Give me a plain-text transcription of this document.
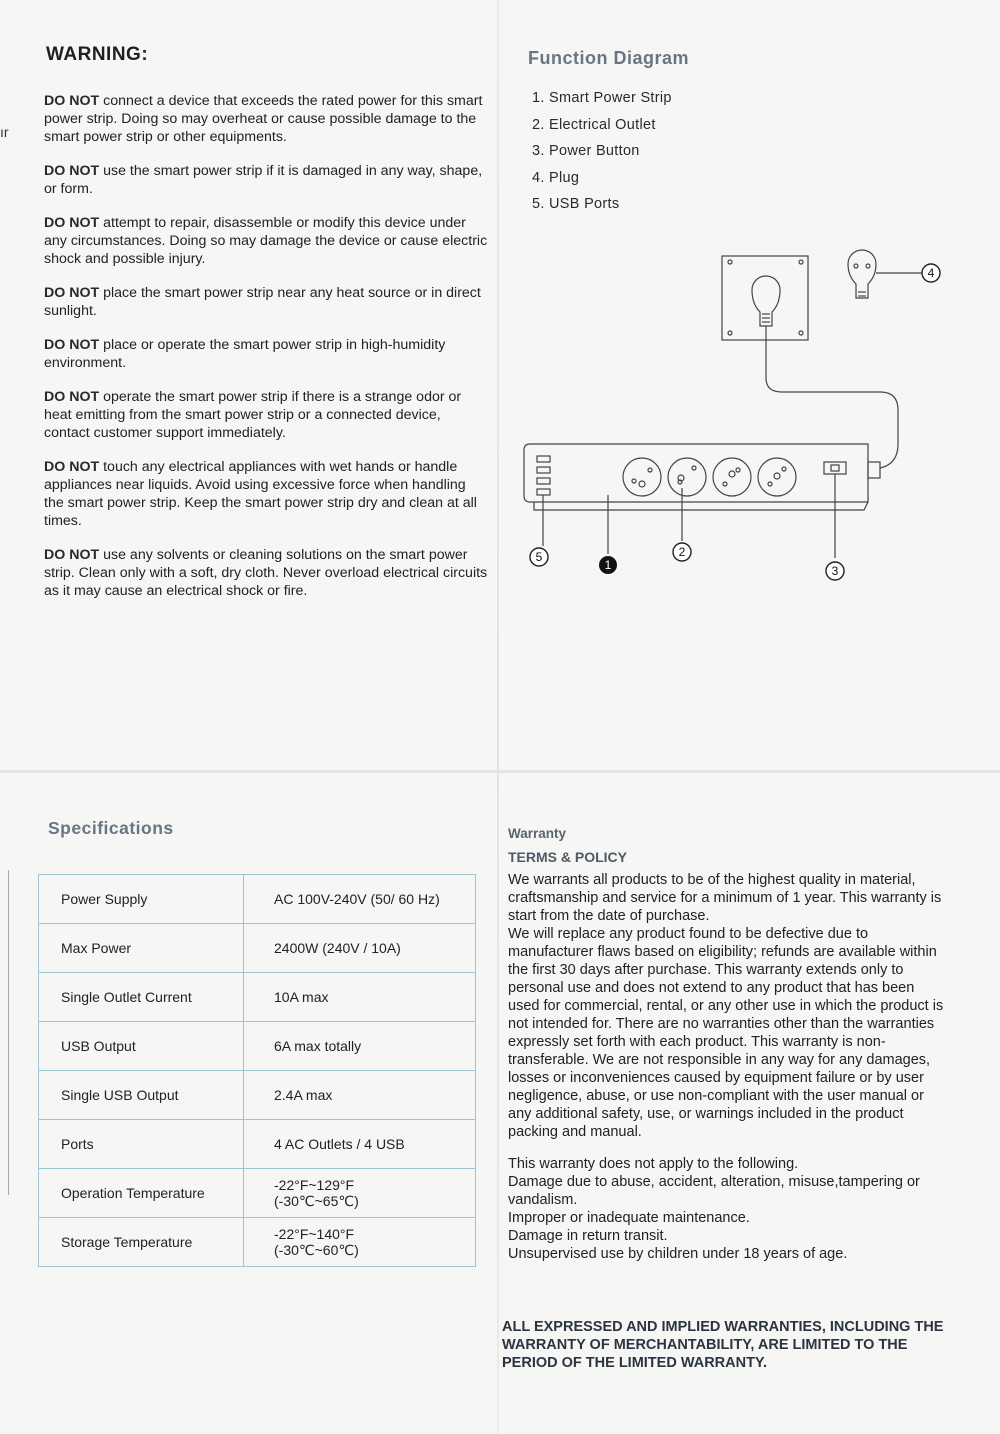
ır
WARNING:

DO NOT connect a device that exceeds the rated power for this smart power strip. Doing so may overheat or cause possible damage to the smart power strip or other equipments.

DO NOT use the smart power strip if it is damaged in any way, shape, or form.

DO NOT attempt to repair, disassemble or modify this device under any circumstances. Doing so may damage the device or cause electric shock and possible injury.

DO NOT place the smart power strip near any heat source or in direct sunlight.

DO NOT place or operate the smart power strip in high-humidity environment.

DO NOT operate the smart power strip if there is a strange odor or heat emitting from the smart power strip or a connected device, contact customer support immediately.

DO NOT touch any electrical appliances with wet hands or handle appliances near liquids. Avoid using excessive force when handling the smart power strip. Keep the smart power strip dry and clean at all times.

DO NOT use any solvents or cleaning solutions on the smart power strip. Clean only with a soft, dry cloth. Never overload electrical circuits as it may cause an electrical shock or fire.

Function Diagram
1. Smart Power Strip
2. Electrical Outlet
3. Power Button
4. Plug
5. USB Ports
4
5
1
2
3
Specifications
Power Supply	AC 100V-240V (50/ 60 Hz)
Max Power	2400W (240V / 10A)
Single Outlet Current	10A max
USB Output	6A max totally
Single USB Output	2.4A max
Ports	4 AC Outlets / 4 USB
Operation Temperature	-22°F~129°F
(-30℃~65℃)
Storage Temperature	-22°F~140°F
(-30℃~60℃)
Warranty
TERMS & POLICY

We warrants all products to be of the highest quality in material, craftsmanship and service for a minimum of 1 year. This warranty is start from the date of purchase.
We will replace any product found to be defective due to manufacturer flaws based on eligibility; refunds are available within the first 30 days after purchase. This warranty extends only to personal use and does not extend to any product that has been used for commercial, rental, or any other use in which the product is not intended for. There are no warranties other than the warranties expressly set forth with each product. This warranty is non-transferable. We are not responsible in any way for any damages, losses or inconveniences caused by equipment failure or by user negligence, abuse, or use non-compliant with the user manual or any additional safety, use, or warnings included in the product packing and manual.

This warranty does not apply to the following.
Damage due to abuse, accident, alteration, misuse,tampering or vandalism.
Improper or inadequate maintenance.
Damage in return transit.
Unsupervised use by children under 18 years of age.

ALL EXPRESSED AND IMPLIED WARRANTIES, INCLUDING THE WARRANTY OF MERCHANTABILITY, ARE LIMITED TO THE PERIOD OF THE LIMITED WARRANTY.
